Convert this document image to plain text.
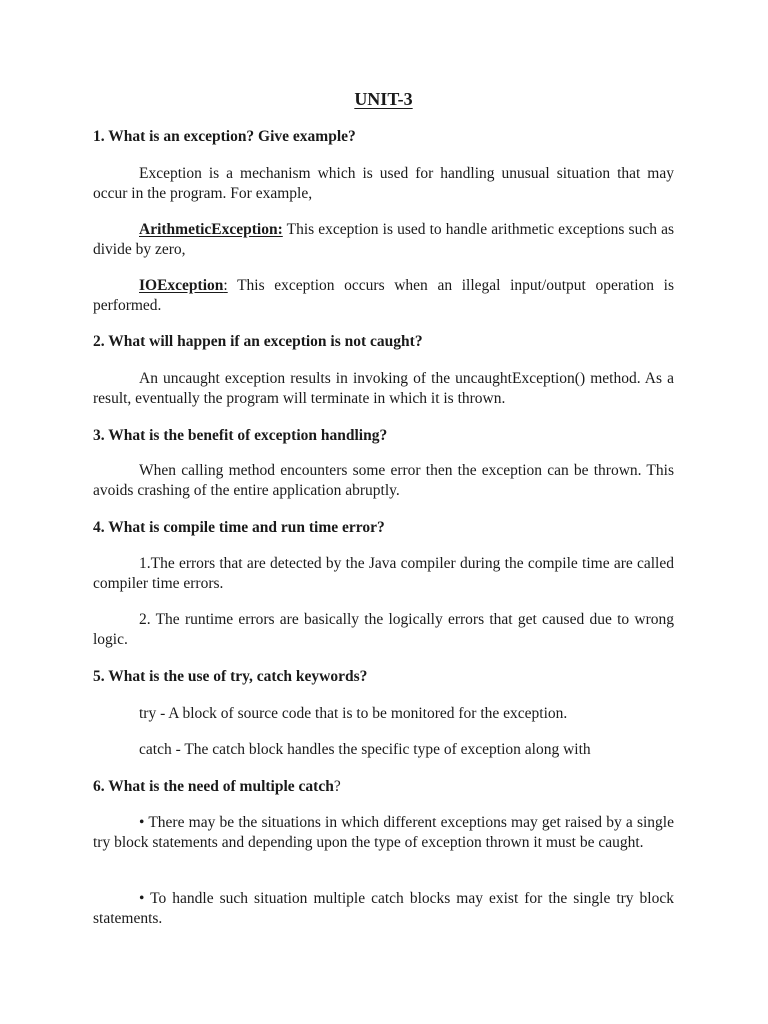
UNIT-3
1. What is an exception? Give example?
Exception is a mechanism which is used for handling unusual situation that may occur in the program. For example,
ArithmeticException: This exception is used to handle arithmetic exceptions such as divide by zero,
IOException: This exception occurs when an illegal input/output operation is performed.
2. What will happen if an exception is not caught?
An uncaught exception results in invoking of the uncaughtException() method. As a result, eventually the program will terminate in which it is thrown.
3. What is the benefit of exception handling?
When calling method encounters some error then the exception can be thrown. This avoids crashing of the entire application abruptly.
4. What is compile time and run time error?
1.The errors that are detected by the Java compiler during the compile time are called compiler time errors.
2. The runtime errors are basically the logically errors that get caused due to wrong logic.
5. What is the use of try, catch keywords?
try - A block of source code that is to be monitored for the exception.
catch - The catch block handles the specific type of exception along with
6. What is the need of multiple catch?
• There may be the situations in which different exceptions may get raised by a single try block statements and depending upon the type of exception thrown it must be caught.
• To handle such situation multiple catch blocks may exist for the single try block statements.
